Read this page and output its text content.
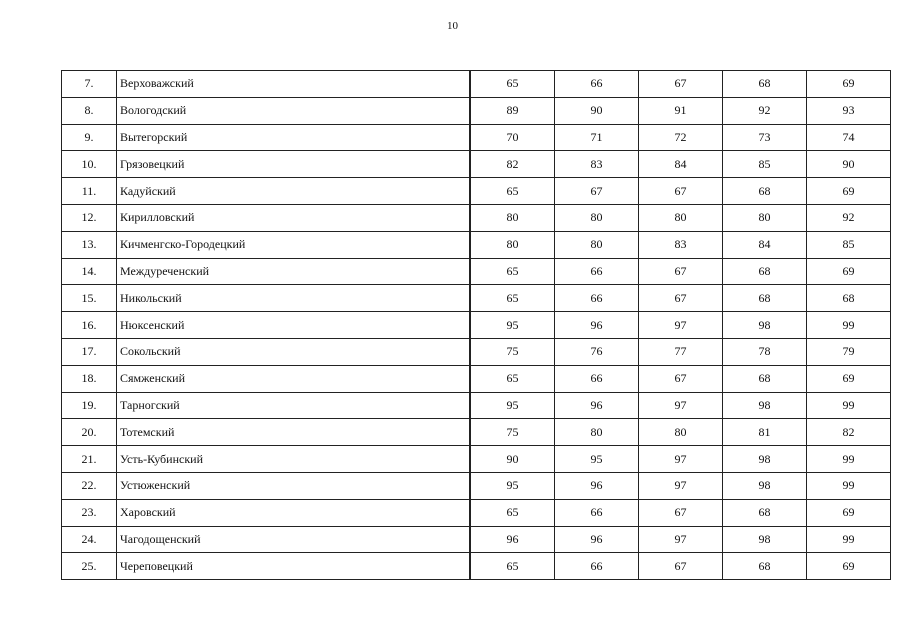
10
7.	Верховажский	65	66	67	68	69
8.	Вологодский	89	90	91	92	93
9.	Вытегорский	70	71	72	73	74
10.	Грязовецкий	82	83	84	85	90
11.	Кадуйский	65	67	67	68	69
12.	Кирилловский	80	80	80	80	92
13.	Кичменгско-Городецкий	80	80	83	84	85
14.	Междуреченский	65	66	67	68	69
15.	Никольский	65	66	67	68	68
16.	Нюксенский	95	96	97	98	99
17.	Сокольский	75	76	77	78	79
18.	Сямженский	65	66	67	68	69
19.	Тарногский	95	96	97	98	99
20.	Тотемский	75	80	80	81	82
21.	Усть-Кубинский	90	95	97	98	99
22.	Устюженский	95	96	97	98	99
23.	Харовский	65	66	67	68	69
24.	Чагодощенский	96	96	97	98	99
25.	Череповецкий	65	66	67	68	69
